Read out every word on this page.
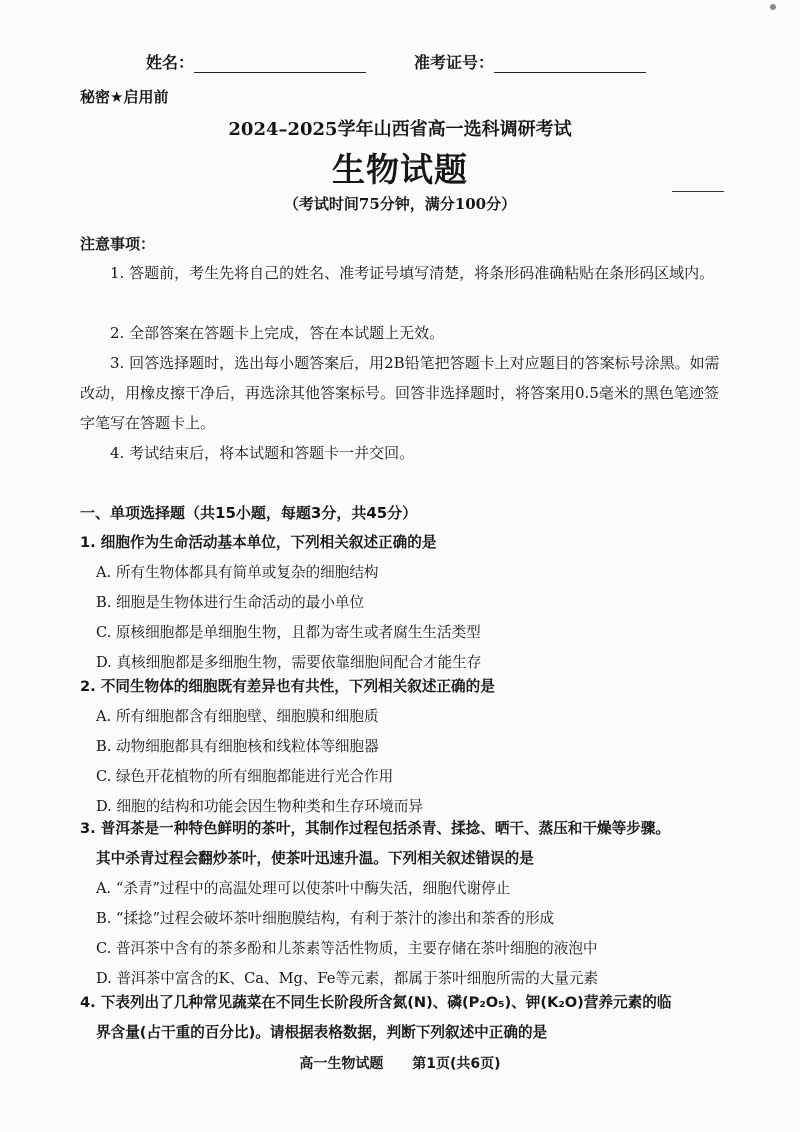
姓名：	准考证号：
秘密★启用前
2024–2025学年山西省高一选科调研考试
生物试题
（考试时间75分钟，满分100分）
注意事项：
1. 答题前，考生先将自己的姓名、准考证号填写清楚，将条形码准确粘贴在条形码区域内。
2. 全部答案在答题卡上完成，答在本试题上无效。
3. 回答选择题时，选出每小题答案后，用2B铅笔把答题卡上对应题目的答案标号涂黑。如需改动，用橡皮擦干净后，再选涂其他答案标号。回答非选择题时，将答案用0.5毫米的黑色笔迹签字笔写在答题卡上。
4. 考试结束后，将本试题和答题卡一并交回。
一、单项选择题（共15小题，每题3分，共45分）
1. 细胞作为生命活动基本单位，下列相关叙述正确的是
A. 所有生物体都具有简单或复杂的细胞结构
B. 细胞是生物体进行生命活动的最小单位
C. 原核细胞都是单细胞生物，且都为寄生或者腐生生活类型
D. 真核细胞都是多细胞生物，需要依靠细胞间配合才能生存
2. 不同生物体的细胞既有差异也有共性，下列相关叙述正确的是
A. 所有细胞都含有细胞壁、细胞膜和细胞质
B. 动物细胞都具有细胞核和线粒体等细胞器
C. 绿色开花植物的所有细胞都能进行光合作用
D. 细胞的结构和功能会因生物种类和生存环境而异
3. 普洱茶是一种特色鲜明的茶叶，其制作过程包括杀青、揉捻、晒干、蒸压和干燥等步骤。
其中杀青过程会翻炒茶叶，使茶叶迅速升温。下列相关叙述错误的是
A. “杀青”过程中的高温处理可以使茶叶中酶失活，细胞代谢停止
B. “揉捻”过程会破坏茶叶细胞膜结构，有利于茶汁的渗出和茶香的形成
C. 普洱茶中含有的茶多酚和儿茶素等活性物质，主要存储在茶叶细胞的液泡中
D. 普洱茶中富含的K、Ca、Mg、Fe等元素，都属于茶叶细胞所需的大量元素
4. 下表列出了几种常见蔬菜在不同生长阶段所含氮(N)、磷(P₂O₅)、钾(K₂O)营养元素的临
界含量(占干重的百分比)。请根据表格数据，判断下列叙述中正确的是
高一生物试题 第1页(共6页)
